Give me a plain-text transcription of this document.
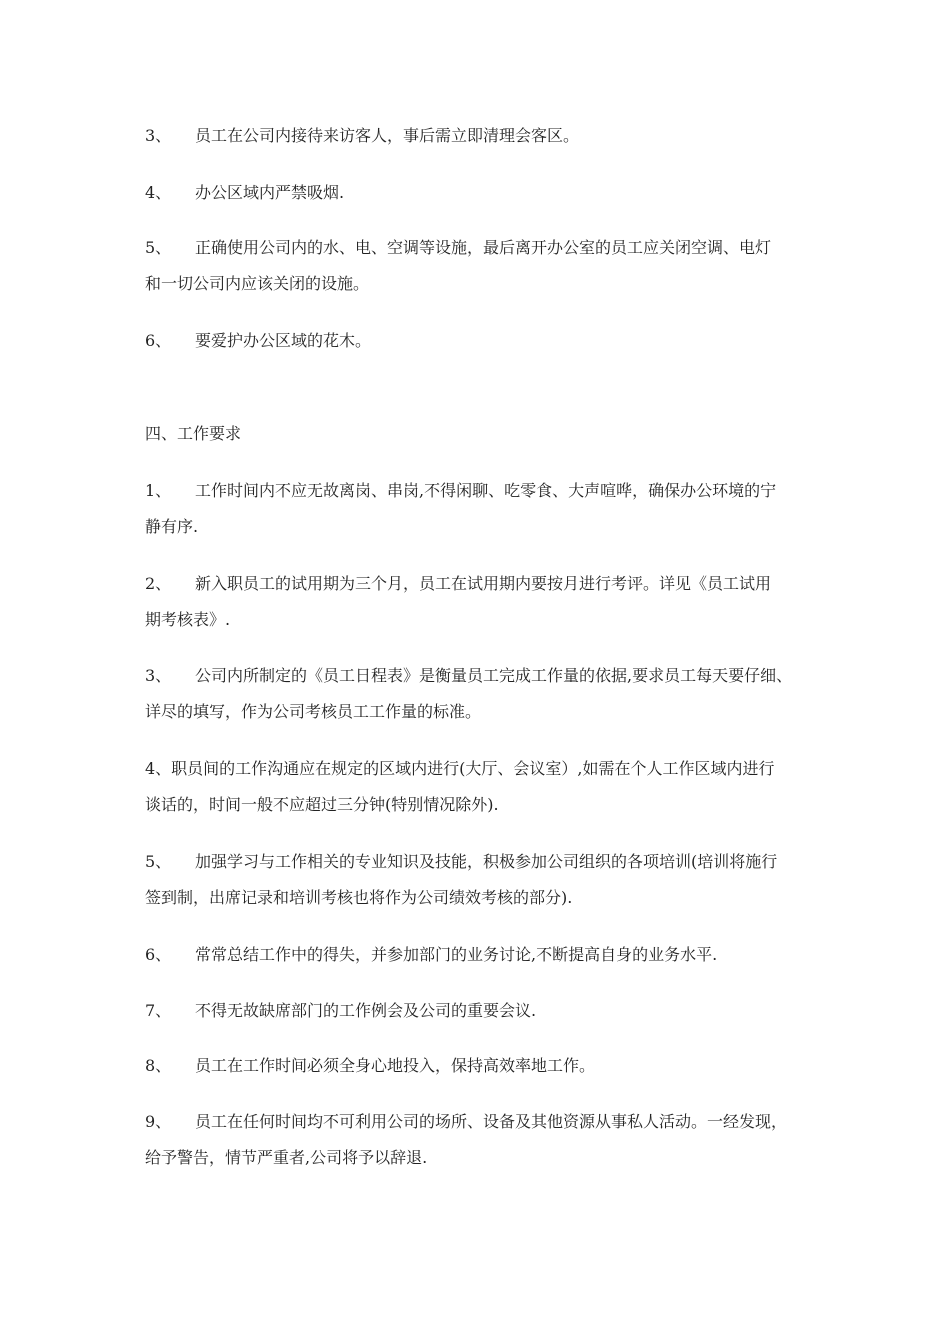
3、 员工在公司内接待来访客人，事后需立即清理会客区。
4、 办公区域内严禁吸烟.
5、 正确使用公司内的水、电、空调等设施，最后离开办公室的员工应关闭空调、电灯
和一切公司内应该关闭的设施。
6、 要爱护办公区域的花木。
四、工作要求
1、 工作时间内不应无故离岗、串岗,不得闲聊、吃零食、大声喧哗，确保办公环境的宁
静有序.
2、 新入职员工的试用期为三个月，员工在试用期内要按月进行考评。详见《员工试用
期考核表》.
3、 公司内所制定的《员工日程表》是衡量员工完成工作量的依据,要求员工每天要仔细、
详尽的填写，作为公司考核员工工作量的标准。
4、职员间的工作沟通应在规定的区域内进行(大厅、会议室）,如需在个人工作区域内进行
谈话的，时间一般不应超过三分钟(特别情况除外).
5、 加强学习与工作相关的专业知识及技能，积极参加公司组织的各项培训(培训将施行
签到制，出席记录和培训考核也将作为公司绩效考核的部分).
6、 常常总结工作中的得失，并参加部门的业务讨论,不断提高自身的业务水平.
7、 不得无故缺席部门的工作例会及公司的重要会议.
8、 员工在工作时间必须全身心地投入，保持高效率地工作。
9、 员工在任何时间均不可利用公司的场所、设备及其他资源从事私人活动。一经发现，
给予警告，情节严重者,公司将予以辞退.
